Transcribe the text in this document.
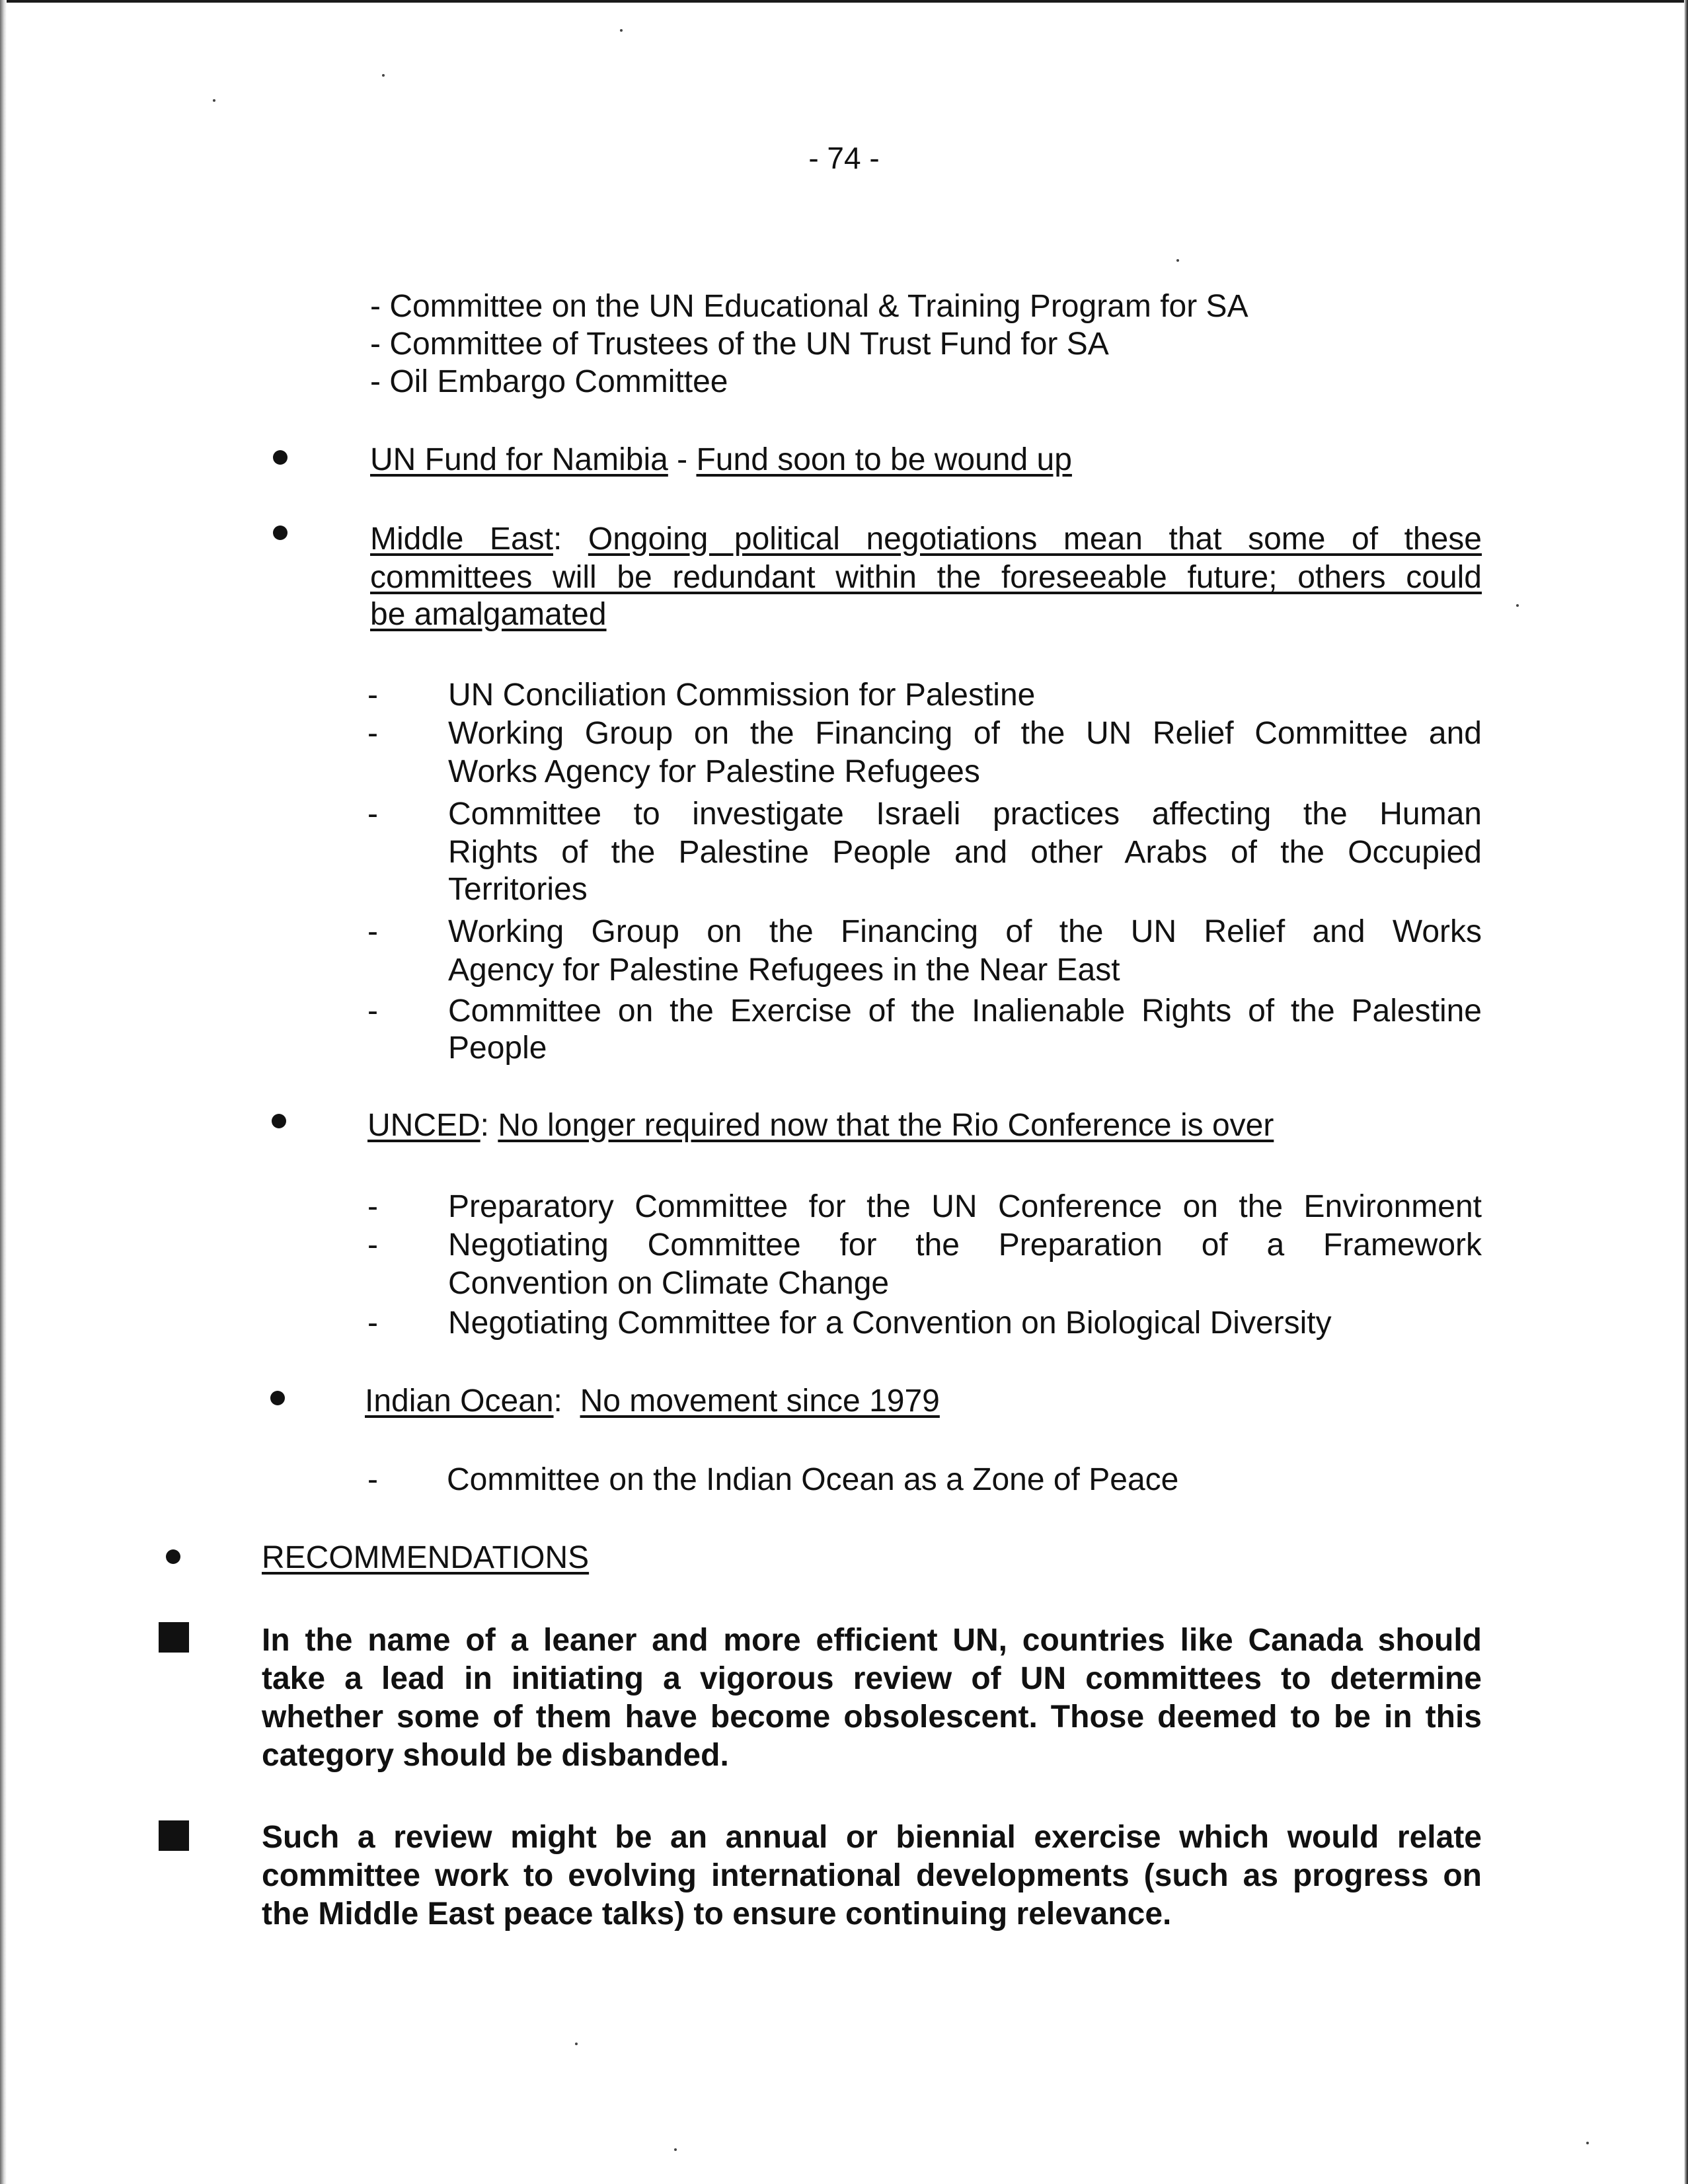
- 74 -
- Committee on the UN Educational & Training Program for SA
- Committee of Trustees of the UN Trust Fund for SA
- Oil Embargo Committee
UN Fund for Namibia - Fund soon to be wound up
Middle East: Ongoing political negotiations mean that some of these
committees will be redundant within the foreseeable future; others could
be amalgamated
- UN Conciliation Commission for Palestine
- Working Group on the Financing of the UN Relief Committee and
Works Agency for Palestine Refugees
- Committee to investigate Israeli practices affecting the Human
Rights of the Palestine People and other Arabs of the Occupied
Territories
- Working Group on the Financing of the UN Relief and Works
Agency for Palestine Refugees in the Near East
- Committee on the Exercise of the Inalienable Rights of the Palestine
People
UNCED: No longer required now that the Rio Conference is over
- Preparatory Committee for the UN Conference on the Environment
- Negotiating Committee for the Preparation of a Framework
Convention on Climate Change
- Negotiating Committee for a Convention on Biological Diversity
Indian Ocean:  No movement since 1979
- Committee on the Indian Ocean as a Zone of Peace
RECOMMENDATIONS
In the name of a leaner and more efficient UN, countries like Canada should
take a lead in initiating a vigorous review of UN committees to determine
whether some of them have become obsolescent. Those deemed to be in this
category should be disbanded.
Such a review might be an annual or biennial exercise which would relate
committee work to evolving international developments (such as progress on
the Middle East peace talks) to ensure continuing relevance.
